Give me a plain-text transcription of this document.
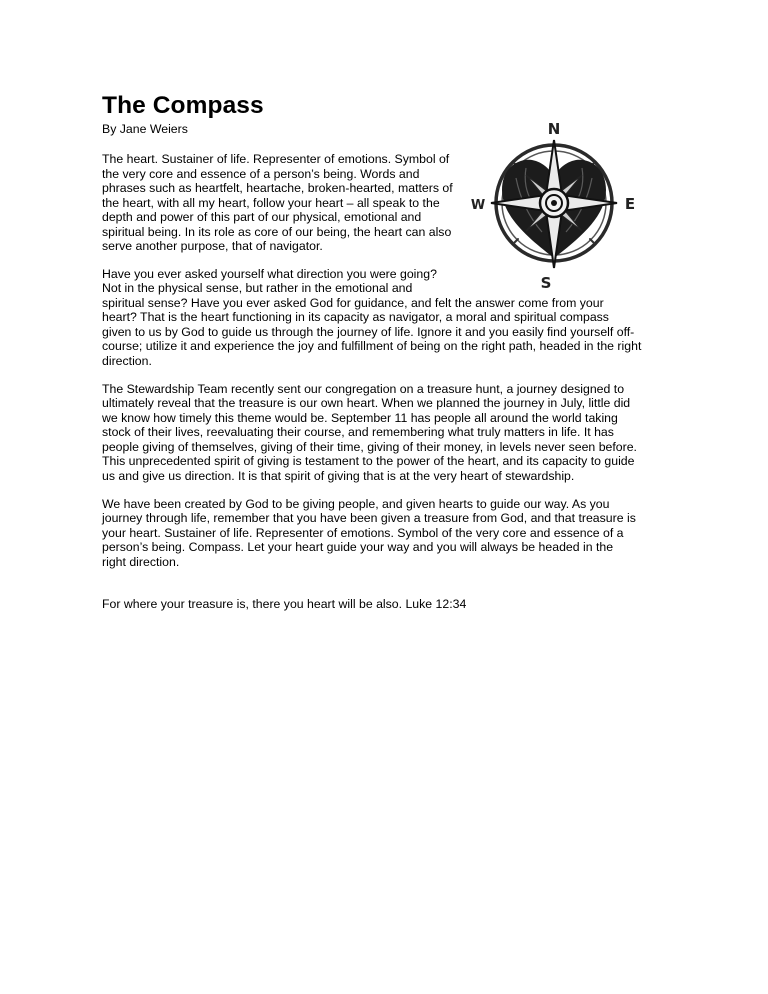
The Compass
By Jane Weiers
The heart. Sustainer of life. Representer of emotions. Symbol of
the very core and essence of a person’s being. Words and
phrases such as heartfelt, heartache, broken-hearted, matters of
the heart, with all my heart, follow your heart – all speak to the
depth and power of this part of our physical, emotional and
spiritual being. In its role as core of our being, the heart can also
serve another purpose, that of navigator.
Have you ever asked yourself what direction you were going?
Not in the physical sense, but rather in the emotional and
spiritual sense? Have you ever asked God for guidance, and felt the answer come from your
heart? That is the heart functioning in its capacity as navigator, a moral and spiritual compass
given to us by God to guide us through the journey of life. Ignore it and you easily find yourself off-
course; utilize it and experience the joy and fulfillment of being on the right path, headed in the right
direction.
The Stewardship Team recently sent our congregation on a treasure hunt, a journey designed to
ultimately reveal that the treasure is our own heart. When we planned the journey in July, little did
we know how timely this theme would be. September 11 has people all around the world taking
stock of their lives, reevaluating their course, and remembering what truly matters in life. It has
people giving of themselves, giving of their time, giving of their money, in levels never seen before.
This unprecedented spirit of giving is testament to the power of the heart, and its capacity to guide
us and give us direction. It is that spirit of giving that is at the very heart of stewardship.
We have been created by God to be giving people, and given hearts to guide our way. As you
journey through life, remember that you have been given a treasure from God, and that treasure is
your heart. Sustainer of life. Representer of emotions. Symbol of the very core and essence of a
person’s being. Compass. Let your heart guide your way and you will always be headed in the
right direction.
For where your treasure is, there you heart will be also. Luke 12:34
N
E
S
W
